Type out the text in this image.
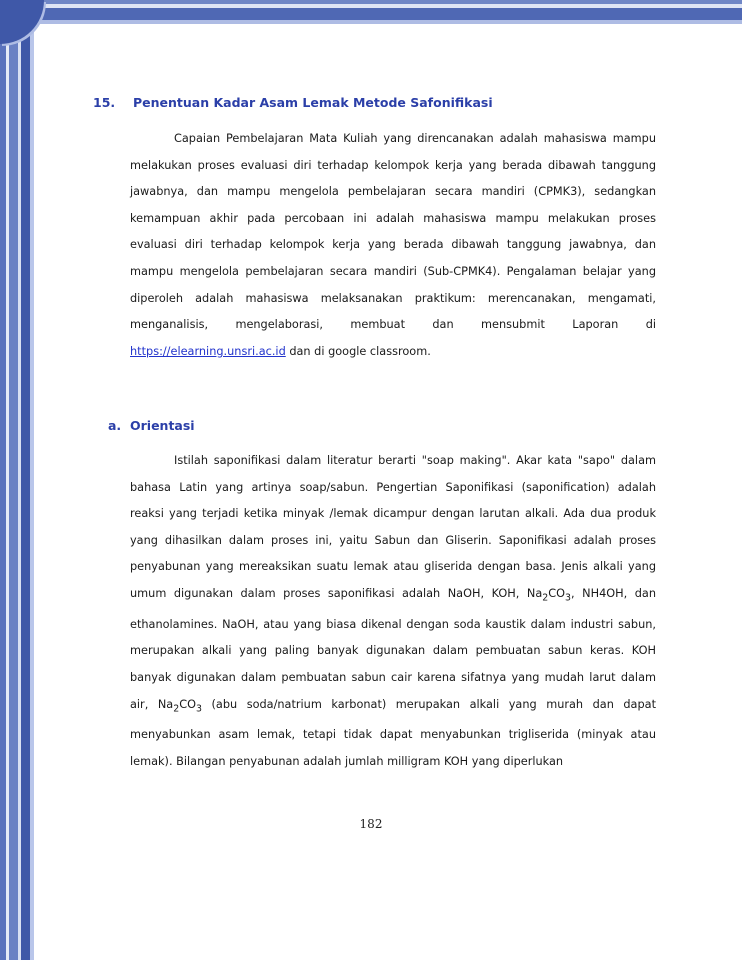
15.	Penentuan Kadar Asam Lemak Metode Safonifikasi

Capaian Pembelajaran Mata Kuliah yang direncanakan adalah mahasiswa mampu melakukan proses evaluasi diri terhadap kelompok kerja yang berada dibawah tanggung jawabnya, dan mampu mengelola pembelajaran secara mandiri (CPMK3), sedangkan kemampuan akhir pada percobaan ini adalah mahasiswa mampu melakukan proses evaluasi diri terhadap kelompok kerja yang berada dibawah tanggung jawabnya, dan mampu mengelola pembelajaran secara mandiri (Sub-CPMK4). Pengalaman belajar yang diperoleh adalah mahasiswa melaksanakan praktikum: merencanakan, mengamati, menganalisis, mengelaborasi, membuat dan mensubmit Laporan di https://elearning.unsri.ac.id dan di google classroom.

a. Orientasi

Istilah saponifikasi dalam literatur berarti "soap making". Akar kata "sapo" dalam bahasa Latin yang artinya soap/sabun. Pengertian Saponifikasi (saponification) adalah reaksi yang terjadi ketika minyak /lemak dicampur dengan larutan alkali. Ada dua produk yang dihasilkan dalam proses ini, yaitu Sabun dan Gliserin. Saponifikasi adalah proses penyabunan yang mereaksikan suatu lemak atau gliserida dengan basa. Jenis alkali yang umum digunakan dalam proses saponifikasi adalah NaOH, KOH, $Na_2CO_3$, NH4OH, dan ethanolamines. NaOH, atau yang biasa dikenal dengan soda kaustik dalam industri sabun, merupakan alkali yang paling banyak digunakan dalam pembuatan sabun keras. KOH banyak digunakan dalam pembuatan sabun cair karena sifatnya yang mudah larut dalam air, $Na_2CO_3$ (abu soda/natrium karbonat) merupakan alkali yang murah dan dapat menyabunkan asam lemak, tetapi tidak dapat menyabunkan trigliserida (minyak atau lemak). Bilangan penyabunan adalah jumlah milligram KOH yang diperlukan

182
